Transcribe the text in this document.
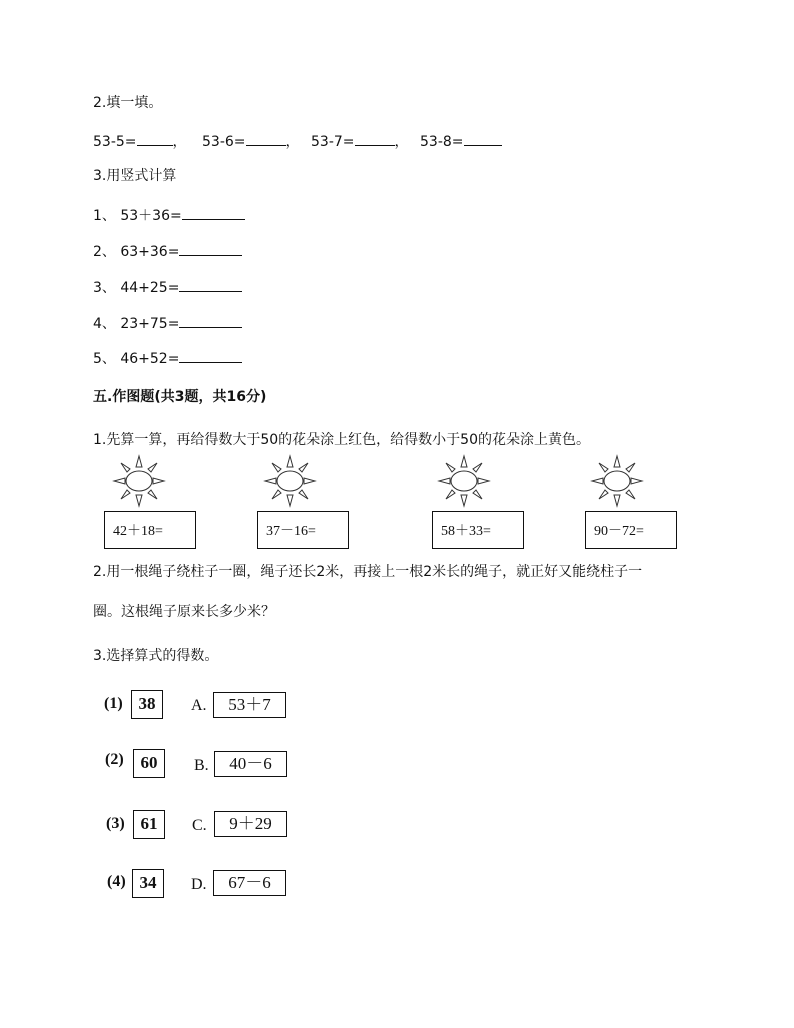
2.填一填。
53-5=	， 53-6=	， 53-7=	， 53-8=
3.用竖式计算
1、 53＋36=
2、 63+36=
3、 44+25=
4、 23+75=
5、 46+52=
五.作图题(共3题，共16分)
1.先算一算，再给得数大于50的花朵涂上红色，给得数小于50的花朵涂上黄色。
42＋18=	37－16=	58＋33=	90－72=
2.用一根绳子绕柱子一圈，绳子还长2米，再接上一根2米长的绳子，就正好又能绕柱子一
圈。这根绳子原来长多少米？
3.选择算式的得数。
(1) 38	A.	53＋7
(2) 60	B.	40－6
(3) 61	C.	9＋29
(4) 34	D.	67－6
